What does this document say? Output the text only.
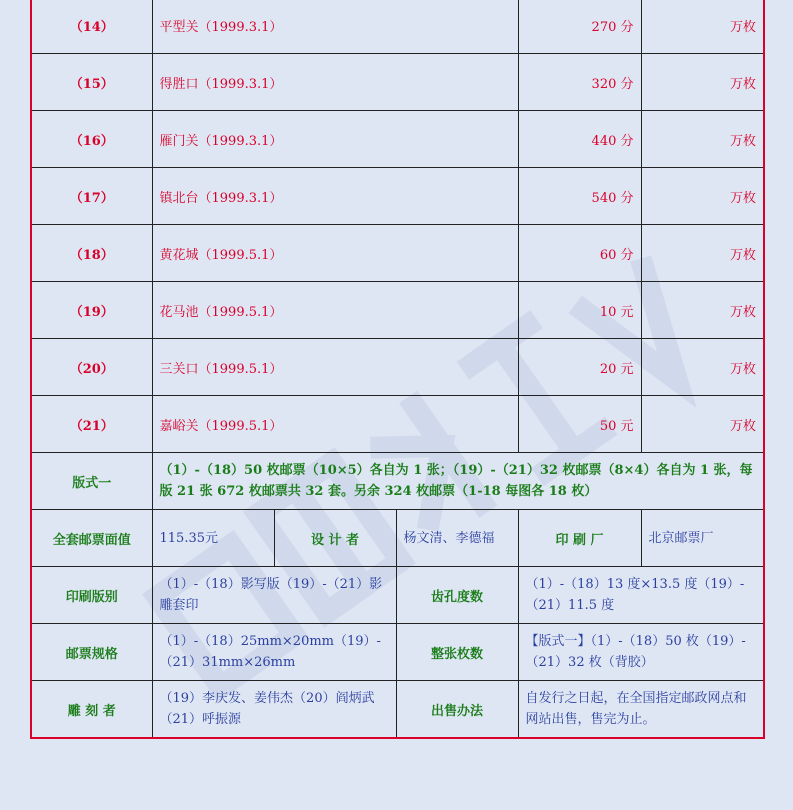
（14）	平型关（1999.3.1）			270 分	万枚
（15）	得胜口（1999.3.1）			320 分	万枚
（16）	雁门关（1999.3.1）			440 分	万枚
（17）	镇北台（1999.3.1）			540 分	万枚
（18）	黄花城（1999.5.1）			60 分	万枚
（19）	花马池（1999.5.1）			10 元	万枚
（20）	三关口（1999.5.1）			20 元	万枚
（21）	嘉峪关（1999.5.1）			50 元	万枚
版式一	（1）-（18）50 枚邮票（10×5）各自为 1 张；（19）-（21）32 枚邮票（8×4）各自为 1 张，每版 21 张 672 枚邮票共 32 套。另余 324 枚邮票（1-18 每图各 18 枚）				
全套邮票面值	115.35元	设 计 者	杨文清、李德福	印 刷 厂	北京邮票厂
印刷版别	（1）-（18）影写版（19）-（21）影雕套印		齿孔度数	（1）-（18）13 度×13.5 度（19）-（21）11.5 度	
邮票规格	（1）-（18）25mm×20mm（19）-（21）31mm×26mm		整张枚数	【版式一】（1）-（18）50 枚（19）-（21）32 枚（背胶）	
雕 刻 者	（19）李庆发、姜伟杰（20）阎炳武（21）呼振源		出售办法	自发行之日起，在全国指定邮政网点和网站出售，售完为止。	
